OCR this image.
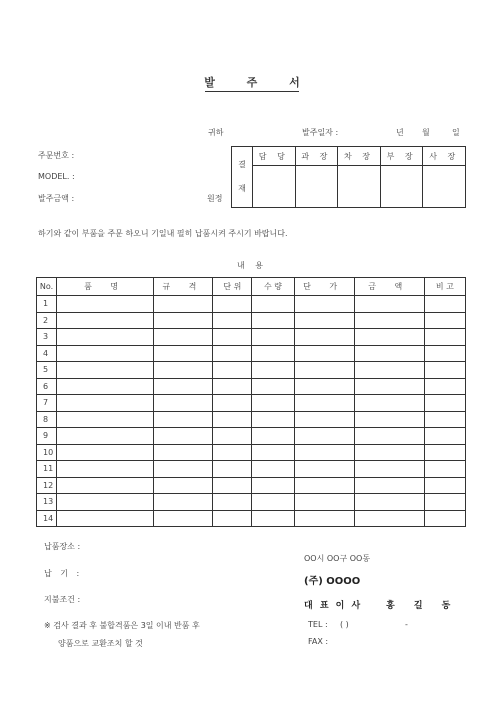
발 주 서
귀하	발주일자 :	년 월	일
주문번호 :
MODEL. :
발주금액 :	원정
결
재	담 당	과 장	차 장	부 장	사 장

하기와 같이 부품을 주문 하오니 기일내 필히 납품시켜 주시기 바랍니다.
내 용
No.	품 명	규 격	단 위	수 량	단 가	금 액	비 고
1							
2							
3							
4							
5							
6							
7							
8							
9							
10							
11							
12							
13							
14							
납품장소 :
납 기 :
지불조건 :
※ 검사 결과 후 불합격품은 3일 이내 반품 후
양품으로 교환조치 할 것
OO시 OO구 OO동
(주) OOOO
대 표 이 사	홍 길 동
TEL : ( )	-
FAX :
